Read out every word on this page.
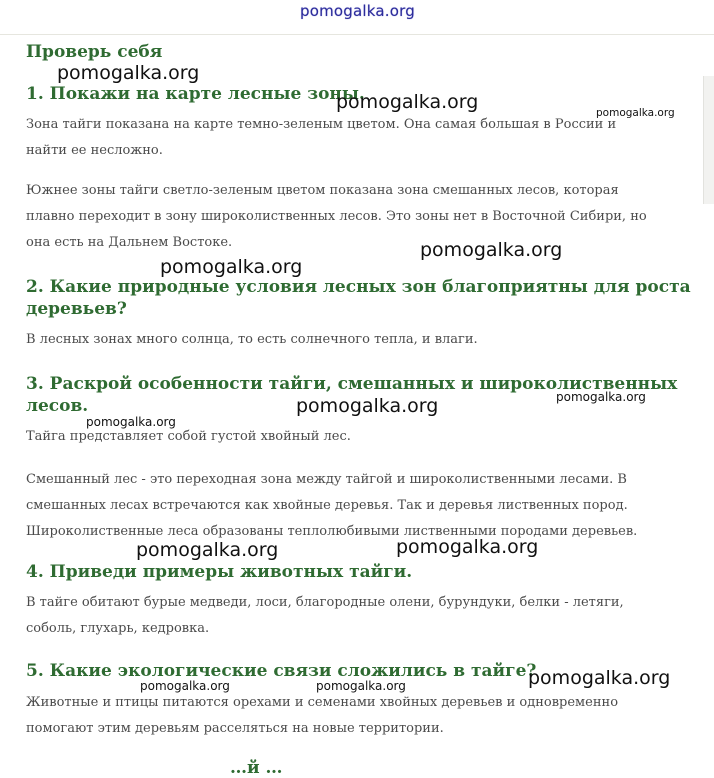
pomogalka.org
Проверь себя
1. Покажи на карте лесные зоны.

Зона тайги показана на карте темно-зеленым цветом. Она самая большая в России и

найти ее несложно.

Южнее зоны тайги светло-зеленым цветом показана зона смешанных лесов, которая

плавно переходит в зону широколиственных лесов. Это зоны нет в Восточной Сибири, но

она есть на Дальнем Востоке.

2. Какие природные условия лесных зон благоприятны для роста
деревьев?

В лесных зонах много солнца, то есть солнечного тепла, и влаги.

3. Раскрой особенности тайги, смешанных и широколиственных
лесов.

Тайга представляет собой густой хвойный лес.

Смешанный лес - это переходная зона между тайгой и широколиственными лесами. В

смешанных лесах встречаются как хвойные деревья. Так и деревья лиственных пород.

Широколиственные леса образованы теплолюбивыми лиственными породами деревьев.

4. Приведи примеры животных тайги.

В тайге обитают бурые медведи, лоси, благородные олени, бурундуки, белки - летяги,

соболь, глухарь, кедровка.

5. Какие экологические связи сложились в тайге?

Животные и птицы питаются орехами и семенами хвойных деревьев и одновременно

помогают этим деревьям расселяться на новые территории.

…й …
pomogalka.org
pomogalka.org	pomogalka.org
pomogalka.org
pomogalka.org
pomogalka.org	pomogalka.org
pomogalka.org
pomogalka.org	pomogalka.org
pomogalka.org
pomogalka.org	pomogalka.org
